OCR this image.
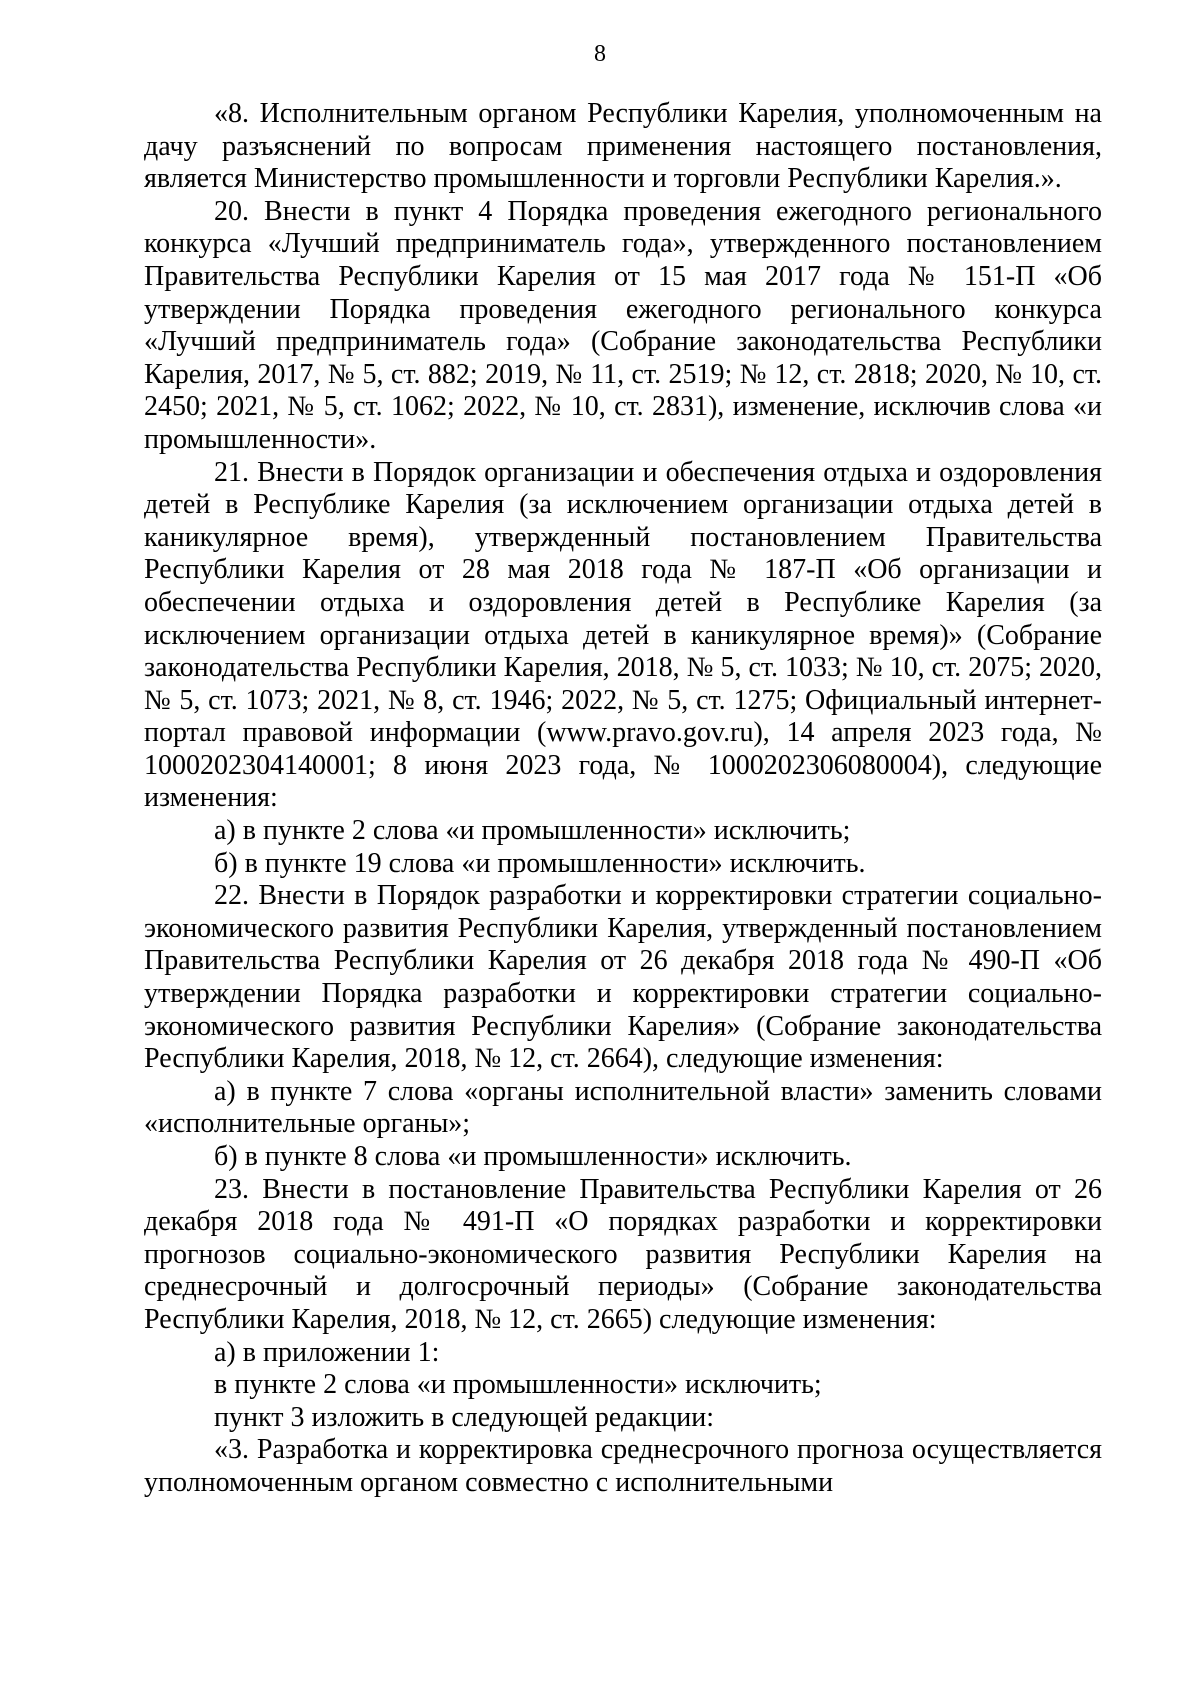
8

«8. Исполнительным органом Республики Карелия, уполномоченным на дачу разъяснений по вопросам применения настоящего постановления, является Министерство промышленности и торговли Республики Карелия.».

20. Внести в пункт 4 Порядка проведения ежегодного регионального конкурса «Лучший предприниматель года», утвержденного постановлением Правительства Республики Карелия от 15 мая 2017 года № 151-П «Об утверждении Порядка проведения ежегодного регионального конкурса «Лучший предприниматель года» (Собрание законодательства Республики Карелия, 2017, № 5, ст. 882; 2019, № 11, ст. 2519; № 12, ст. 2818; 2020, № 10, ст. 2450; 2021, № 5, ст. 1062; 2022, № 10, ст. 2831), изменение, исключив слова «и промышленности».

21. Внести в Порядок организации и обеспечения отдыха и оздоровления детей в Республике Карелия (за исключением организации отдыха детей в каникулярное время), утвержденный постановлением Правительства Республики Карелия от 28 мая 2018 года № 187-П «Об организации и обеспечении отдыха и оздоровления детей в Республике Карелия (за исключением организации отдыха детей в каникулярное время)» (Собрание законодательства Республики Карелия, 2018, № 5, ст. 1033; № 10, ст. 2075; 2020, № 5, ст. 1073; 2021, № 8, ст. 1946; 2022, № 5, ст. 1275; Официальный интернет-портал правовой информации (www.pravo.gov.ru), 14 апреля 2023 года, № 1000202304140001; 8 июня 2023 года, № 1000202306080004), следующие изменения:

а) в пункте 2 слова «и промышленности» исключить;

б) в пункте 19 слова «и промышленности» исключить.

22. Внести в Порядок разработки и корректировки стратегии социально-экономического развития Республики Карелия, утвержденный постановлением Правительства Республики Карелия от 26 декабря 2018 года № 490-П «Об утверждении Порядка разработки и корректировки стратегии социально-экономического развития Республики Карелия» (Собрание законодательства Республики Карелия, 2018, № 12, ст. 2664), следующие изменения:

а) в пункте 7 слова «органы исполнительной власти» заменить словами «исполнительные органы»;

б) в пункте 8 слова «и промышленности» исключить.

23. Внести в постановление Правительства Республики Карелия от 26 декабря 2018 года № 491-П «О порядках разработки и корректировки прогнозов социально-экономического развития Республики Карелия на среднесрочный и долгосрочный периоды» (Собрание законодательства Республики Карелия, 2018, № 12, ст. 2665) следующие изменения:

а) в приложении 1:

в пункте 2 слова «и промышленности» исключить;

пункт 3 изложить в следующей редакции:

«3. Разработка и корректировка среднесрочного прогноза осуществляется уполномоченным органом совместно с исполнительными
